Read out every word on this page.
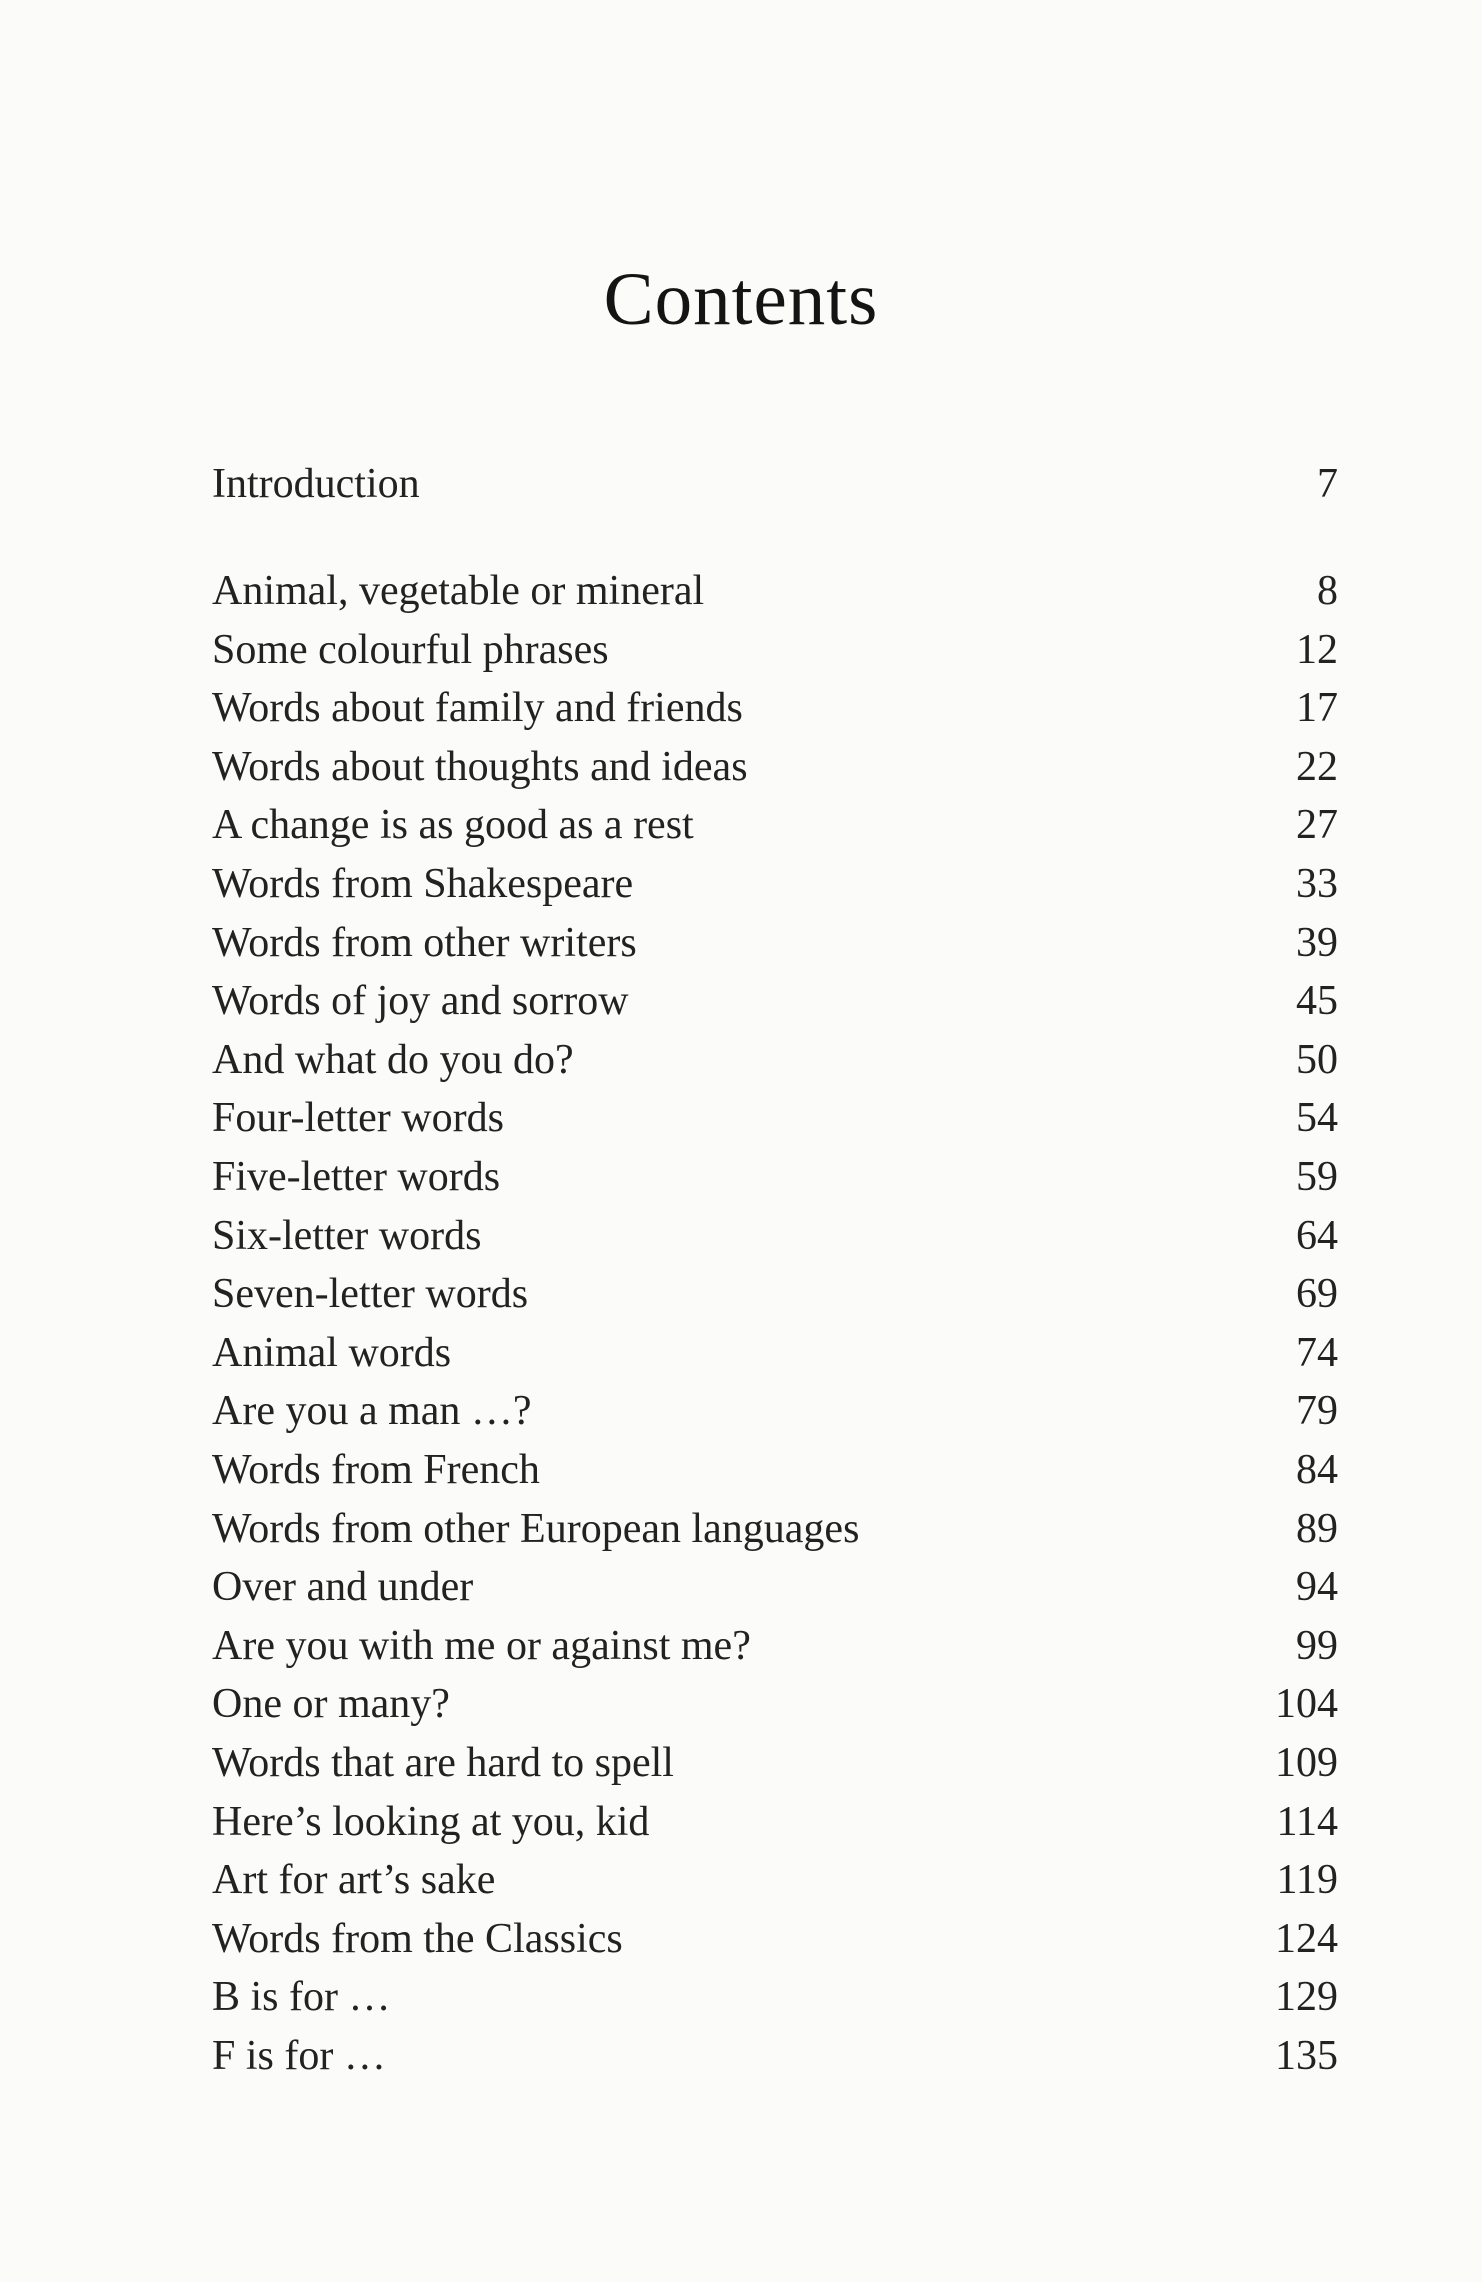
Contents
Introduction	7
Animal, vegetable or mineral	8
Some colourful phrases	12
Words about family and friends	17
Words about thoughts and ideas	22
A change is as good as a rest	27
Words from Shakespeare	33
Words from other writers	39
Words of joy and sorrow	45
And what do you do?	50
Four-letter words	54
Five-letter words	59
Six-letter words	64
Seven-letter words	69
Animal words	74
Are you a man …?	79
Words from French	84
Words from other European languages	89
Over and under	94
Are you with me or against me?	99
One or many?	104
Words that are hard to spell	109
Here’s looking at you, kid	114
Art for art’s sake	119
Words from the Classics	124
B is for …	129
F is for …	135
